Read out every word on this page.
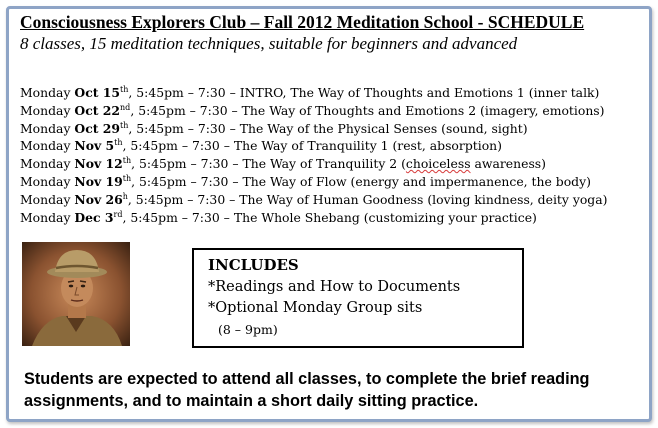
Consciousness Explorers Club – Fall 2012 Meditation School - SCHEDULE
8 classes, 15 meditation techniques, suitable for beginners and advanced
Monday Oct 15th, 5:45pm – 7:30 – INTRO, The Way of Thoughts and Emotions 1 (inner talk)
Monday Oct 22nd, 5:45pm – 7:30 – The Way of Thoughts and Emotions 2 (imagery, emotions)
Monday Oct 29th, 5:45pm – 7:30 – The Way of the Physical Senses (sound, sight)
Monday Nov 5th, 5:45pm – 7:30 – The Way of Tranquility 1 (rest, absorption)
Monday Nov 12th, 5:45pm – 7:30 – The Way of Tranquility 2 (choiceless awareness)
Monday Nov 19th, 5:45pm – 7:30 – The Way of Flow (energy and impermanence, the body)
Monday Nov 26$^h$, 5:45pm – 7:30 – The Way of Human Goodness (loving kindness, deity yoga)
Monday Dec 3rd, 5:45pm – 7:30 – The Whole Shebang (customizing your practice)
INCLUDES
*Readings and How to Documents
*Optional Monday Group sits
(8 – 9pm)
Students are expected to attend all classes, to complete the brief reading assignments, and to maintain a short daily sitting practice.
